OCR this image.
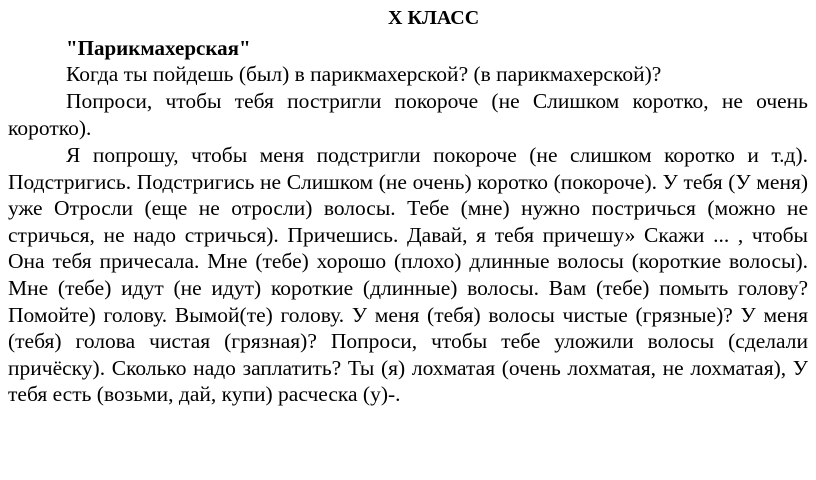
X КЛАСС
"Парикмахерская"

Когда ты пойдешь (был) в парикмахерской? (в парикмахерской)?

Попроси, чтобы тебя постригли покороче (не Слишком коротко, не очень коротко).

Я попрошу, чтобы меня подстригли покороче (не слишком коротко и т.д). Подстригись. Подстригись не Слишком (не очень) коротко (покороче). У тебя (У меня) уже Отросли (еще не отросли) волосы. Тебе (мне) нужно постричься (можно не стричься, не надо стричься). Причешись. Давай, я тебя причешу» Скажи ... , чтобы Она тебя причесала. Мне (тебе) хорошо (плохо) длинные волосы (короткие волосы). Мне (тебе) идут (не идут) короткие (длинные) волосы. Вам (тебе) помыть голову? Помойте) голову. Вымой(те) голову. У меня (тебя) волосы чистые (грязные)? У меня (тебя) голова чистая (грязная)? Попроси, чтобы тебе уложили волосы (сделали причёску). Сколько надо заплатить? Ты (я) лохматая (очень лохматая, не лохматая), У тебя есть (возьми, дай, купи) расческа (у)-.
